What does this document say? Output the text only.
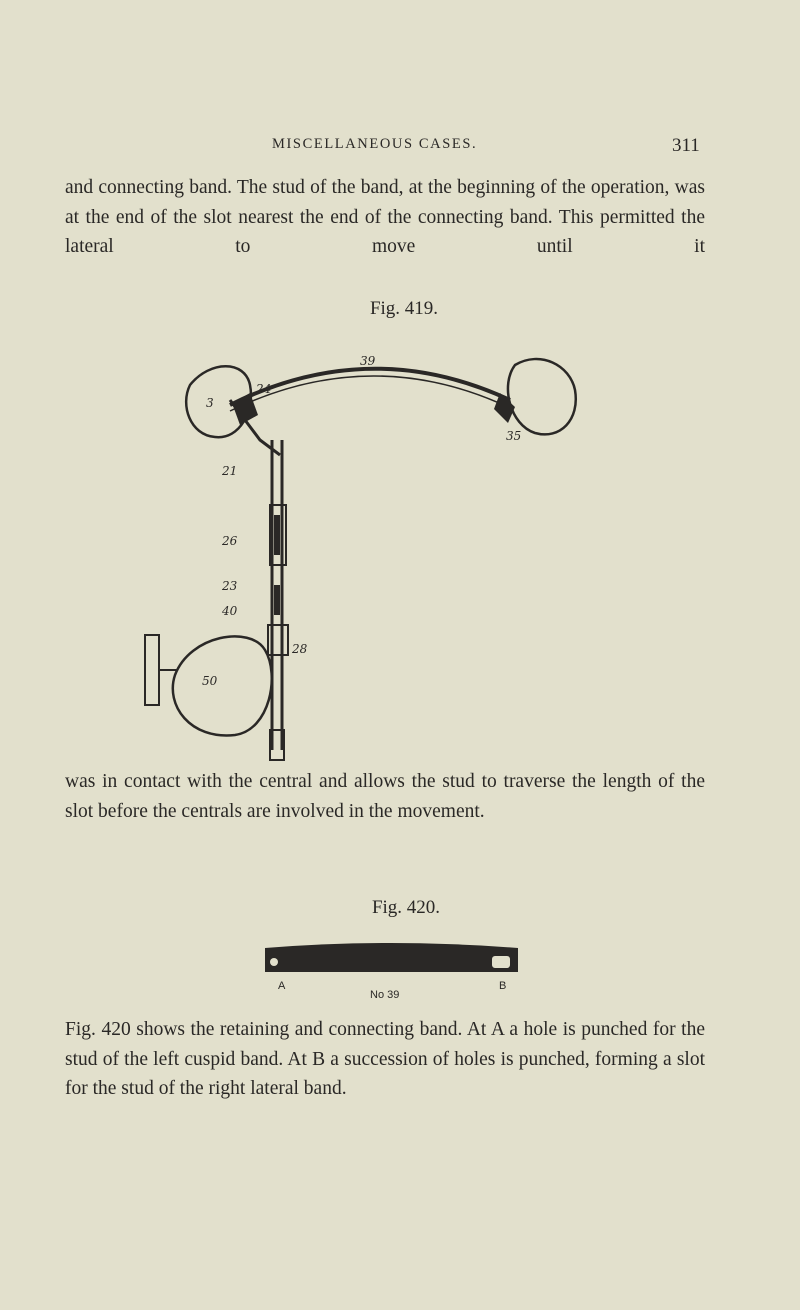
MISCELLANEOUS CASES.	311

and connecting band. The stud of the band, at the beginning of the operation, was at the end of the slot nearest the end of the connecting band. This permitted the lateral to move until it

Fig. 419.

39
3
24
35
21
26
23
40
28
50

was in contact with the central and allows the stud to traverse the length of the slot before the centrals are involved in the movement.

Fig. 420.

A	B
No 39

Fig. 420 shows the retaining and connecting band. At A a hole is punched for the stud of the left cuspid band. At B a succession of holes is punched, forming a slot for the stud of the right lateral band.
